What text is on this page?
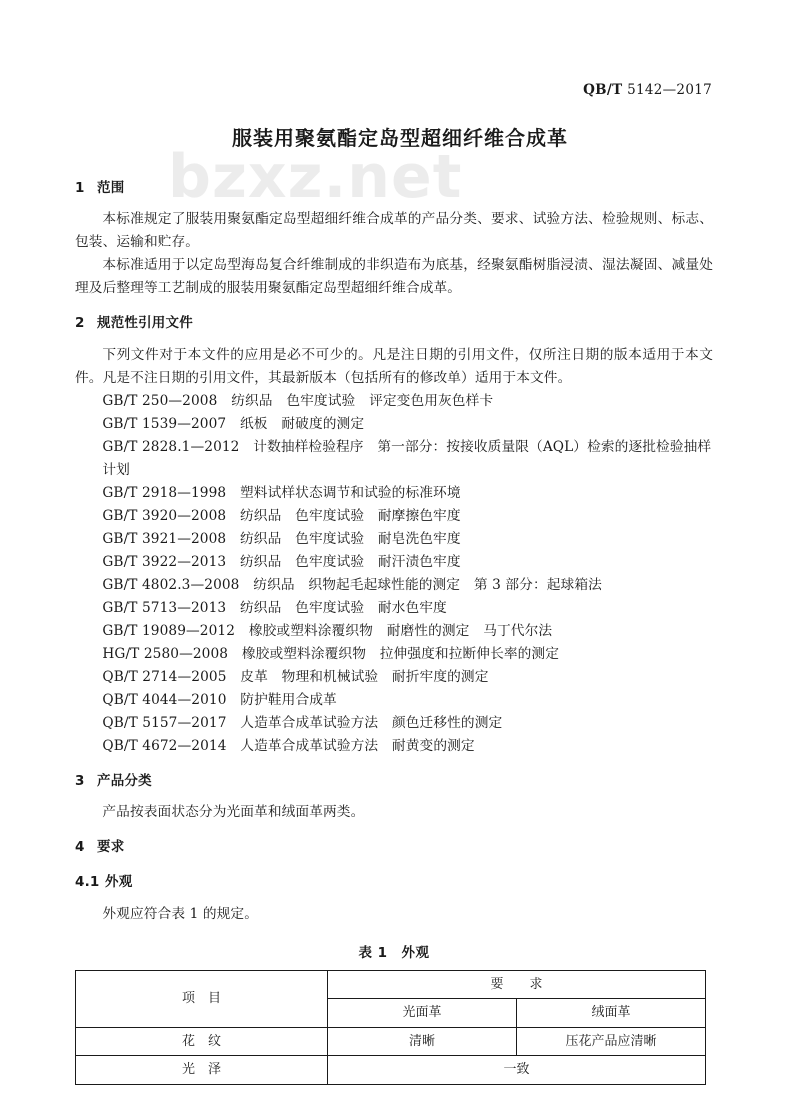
bzxz.net
QB/T 5142—2017
服装用聚氨酯定岛型超细纤维合成革
1 范围

本标准规定了服装用聚氨酯定岛型超细纤维合成革的产品分类、要求、试验方法、检验规则、标志、包装、运输和贮存。

本标准适用于以定岛型海岛复合纤维制成的非织造布为底基，经聚氨酯树脂浸渍、湿法凝固、减量处理及后整理等工艺制成的服装用聚氨酯定岛型超细纤维合成革。

2 规范性引用文件

下列文件对于本文件的应用是必不可少的。凡是注日期的引用文件，仅所注日期的版本适用于本文件。凡是不注日期的引用文件，其最新版本（包括所有的修改单）适用于本文件。

GB/T 250—2008　纺织品　色牢度试验　评定变色用灰色样卡
GB/T 1539—2007　纸板　耐破度的测定
GB/T 2828.1—2012　计数抽样检验程序　第一部分：按接收质量限（AQL）检索的逐批检验抽样计划
GB/T 2918—1998　塑料试样状态调节和试验的标准环境
GB/T 3920—2008　纺织品　色牢度试验　耐摩擦色牢度
GB/T 3921—2008　纺织品　色牢度试验　耐皂洗色牢度
GB/T 3922—2013　纺织品　色牢度试验　耐汗渍色牢度
GB/T 4802.3—2008　纺织品　织物起毛起球性能的测定　第 3 部分：起球箱法
GB/T 5713—2013　纺织品　色牢度试验　耐水色牢度
GB/T 19089—2012　橡胶或塑料涂覆织物　耐磨性的测定　马丁代尔法
HG/T 2580—2008　橡胶或塑料涂覆织物　拉伸强度和拉断伸长率的测定
QB/T 2714—2005　皮革　物理和机械试验　耐折牢度的测定
QB/T 4044—2010　防护鞋用合成革
QB/T 5157—2017　人造革合成革试验方法　颜色迁移性的测定
QB/T 4672—2014　人造革合成革试验方法　耐黄变的测定
3 产品分类

产品按表面状态分为光面革和绒面革两类。

4 要求
4.1 外观

外观应符合表 1 的规定。

表 1　外观

项　目	要　　求	
	光面革	绒面革
花　纹	清晰	压花产品应清晰
光　泽	一致	
